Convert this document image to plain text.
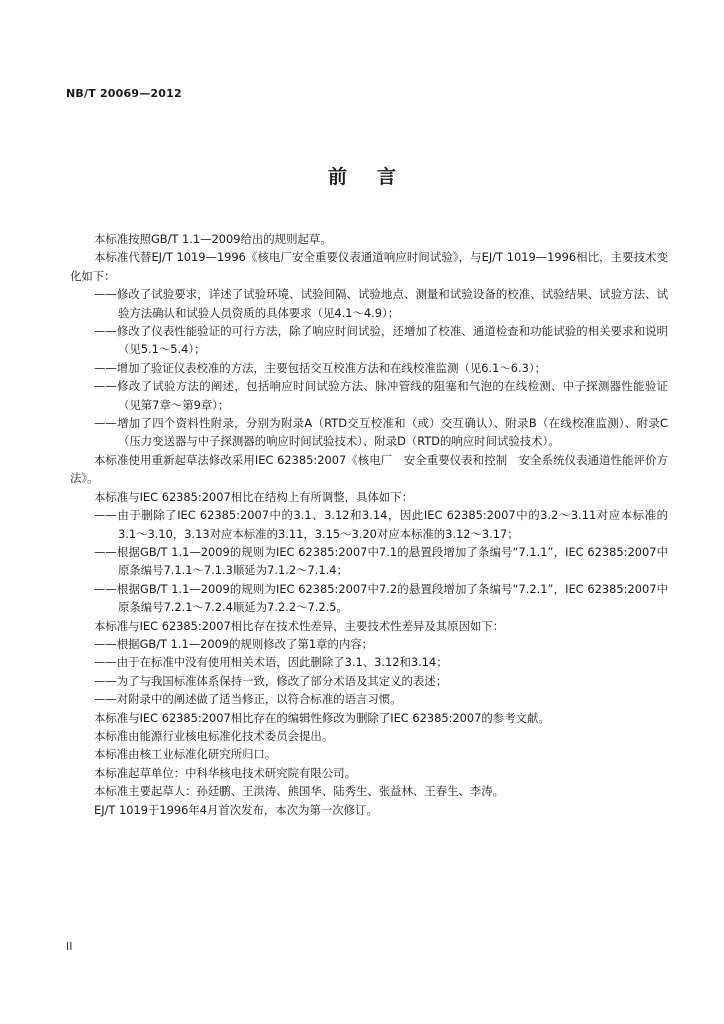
NB/T 20069—2012
前言

本标准按照GB/T 1.1—2009给出的规则起草。

本标准代替EJ/T 1019—1996《核电厂安全重要仪表通道响应时间试验》，与EJ/T 1019—1996相比，主要技术变化如下：

——修改了试验要求，详述了试验环境、试验间隔、试验地点、测量和试验设备的校准、试验结果、试验方法、试验方法确认和试验人员资质的具体要求（见4.1～4.9）；

——修改了仪表性能验证的可行方法，除了响应时间试验，还增加了校准、通道检查和功能试验的相关要求和说明（见5.1～5.4）；

——增加了验证仪表校准的方法，主要包括交互校准方法和在线校准监测（见6.1～6.3）；

——修改了试验方法的阐述，包括响应时间试验方法、脉冲管线的阻塞和气泡的在线检测、中子探测器性能验证（见第7章～第9章）；

——增加了四个资料性附录，分别为附录A（RTD交互校准和（或）交互确认）、附录B（在线校准监测）、附录C（压力变送器与中子探测器的响应时间试验技术）、附录D（RTD的响应时间试验技术）。

本标准使用重新起草法修改采用IEC 62385:2007《核电厂　安全重要仪表和控制　安全系统仪表通道性能评价方法》。

本标准与IEC 62385:2007相比在结构上有所调整，具体如下：

——由于删除了IEC 62385:2007中的3.1、3.12和3.14，因此IEC 62385:2007中的3.2～3.11对应本标准的3.1～3.10，3.13对应本标准的3.11，3.15～3.20对应本标准的3.12～3.17；

——根据GB/T 1.1—2009的规则为IEC 62385:2007中7.1的悬置段增加了条编号“7.1.1”，IEC 62385:2007中原条编号7.1.1～7.1.3顺延为7.1.2～7.1.4；

——根据GB/T 1.1—2009的规则为IEC 62385:2007中7.2的悬置段增加了条编号“7.2.1”，IEC 62385:2007中原条编号7.2.1～7.2.4顺延为7.2.2～7.2.5。

本标准与IEC 62385:2007相比存在技术性差异，主要技术性差异及其原因如下：

——根据GB/T 1.1—2009的规则修改了第1章的内容；

——由于在标准中没有使用相关术语，因此删除了3.1、3.12和3.14；

——为了与我国标准体系保持一致，修改了部分术语及其定义的表述；

——对附录中的阐述做了适当修正，以符合标准的语言习惯。

本标准与IEC 62385:2007相比存在的编辑性修改为删除了IEC 62385:2007的参考文献。

本标准由能源行业核电标准化技术委员会提出。

本标准由核工业标准化研究所归口。

本标准起草单位：中科华核电技术研究院有限公司。

本标准主要起草人：孙廷鹏、王洪涛、熊国华、陆秀生、张益林、王春生、李涛。

EJ/T 1019于1996年4月首次发布，本次为第一次修订。

II
